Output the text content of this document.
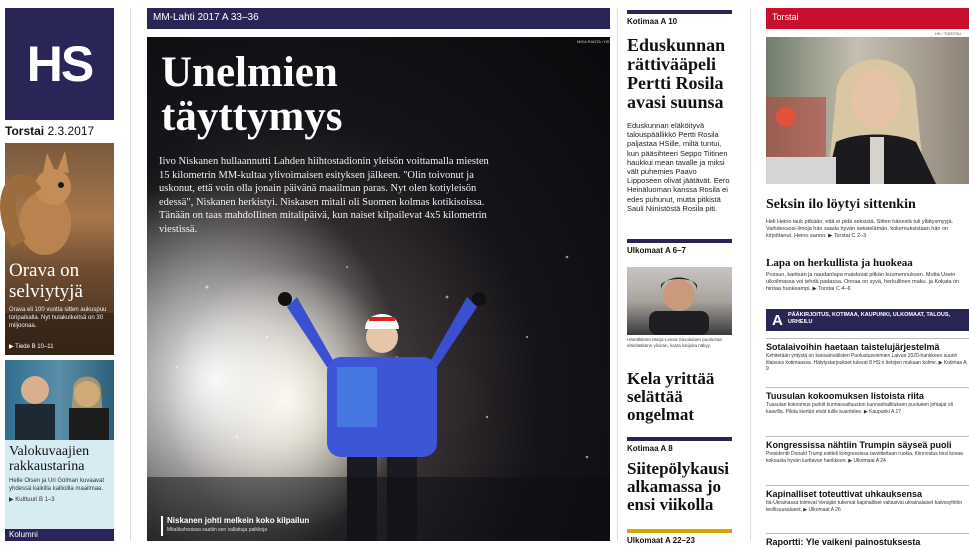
HS
Torstai 2.3.2017
Orava on selviytyjä
Orava eli 100 vuotta sitten aukuspuu toripaikalla. Nyt hulakulkeitsä on 30 miljoonaa.
▶ Tiede B 10–11
Valokuvaajien rakkaustarina
Helle Olsen ja Uri Golman kuvaavat yhdessä kaikilla kallioilla maailmaa.
▶ Kulttuuri B 1–3
Kolumni
MM-Lahti 2017 A 33–36
MIKA RANTA / HS
Unelmien täyttymys
Iivo Niskanen hullaannutti Lahden hiihtostadionin yleisön voittamalla miesten 15 kilometrin MM-kultaa ylivoimaisen esityksen jälkeen. "Olin toivonut ja uskonut, että voin olla jonain päivänä maailman paras. Nyt olen kotiyleisön edessä", Niskanen herkistyi. Niskasen mitali oli Suomen kolmas kotikisoissa. Tänään on taas mahdollinen mitalipäivä, kun naiset kilpailevat 4x5 kilometrin viestissä.
Niskanen johti melkein koko kilpailun
Mitalikahvoissa saatiin sen vallattuja paikkoja
Kotimaa A 10
Eduskunnan rättivääpeli Pertti Rosila avasi suunsa
Eduskunnan eläköityvä talouspäällikkö Pertti Rosila paljastaa HSille, miltä tuntui, kun pääsihteeri Seppo Tiitinen haukkui mean tavalle ja miksi vält puhemies Paavo Lipposeen olivat jäätävät. Eero Heinäluoman kanssa Rosila ei edes puhunut, mutta pitkistä Sauli Niinistöstä Rosila piti.
Ulkomaat A 6–7
Hämäläinen Marja-Leena Savolainen puolustaa eläinlääkärin yliviran, kasta lukijoita näkyy.
Kela yrittää selättää ongelmat
Kotimaa A 8
Siitepölykausi alkamassa jo ensi viikolla
Ulkomaat A 22–23
Torstai
HS / TORSTAI
Seksin ilo löytyi sittenkin
Heli Heino lauk pitkään, että ei pidä seksistä. Sitten hänestä tuli yllätysmyyjä. Vaihdevuosi-ilmoja hän saada hyvän seksielämän, kokemuksistaan hän on kirjoittanut. Heino sanoo. ▶ Torstai C 2–3
Lapa on herkullista ja huokeaa
Possun, karitsan ja naudanlapa maistuvat pitkän kuumennuksen. Mutta Usein ulkoilmassa voi tehdä padassa. Onnaa on syvä, herkullinen maku. ja Kokata on hintaa huokeampi. ▶ Torstai C 4–6
A PÄÄKIRJOITUS, KOTIMAA, KAUPUNKI, ULKOMAAT, TALOUS, URHEILU
Sotalaivoihin haetaan taistelujärjestelmä
Kehitetään yritystä on kansainvälisten Puolustusvoimien Laivue 2020-hankkeen suurin tilaisuus kotimaassa. Hälytystarjoukset tulevat 8 HS:n tietojen mukaan kolme. ▶ Kotimaa A 9
Tuusulan kokoomuksen listoista riita
Tuusulan kokoomus purkiit kunnasvaltuuston kunnanhallituksen puolueen johtajat oli kaavilla. Pilota kiertän eivät tuille kuuntelee. ▶ Kaupunki A 17
Kongressissa nähtiin Trumpin säyseä puoli
Presidentti Donald Trump esitteli kongressissa tavoitteitaan ruokia. Kiinnostus toisi kovaa kokousta hyvän luettavan hankkeen. ▶ Ulkomaat A 24
Kapinalliset toteuttivat uhkauksensa
Itä-Ukrainassa toimivat Venäjän tukemat kapinalliset valtasivat ukrainalaiset kaivosyhtiön teollisuusalueet. ▶ Ulkomaat A 26
Raportti: Yle vaikeni painostuksesta
